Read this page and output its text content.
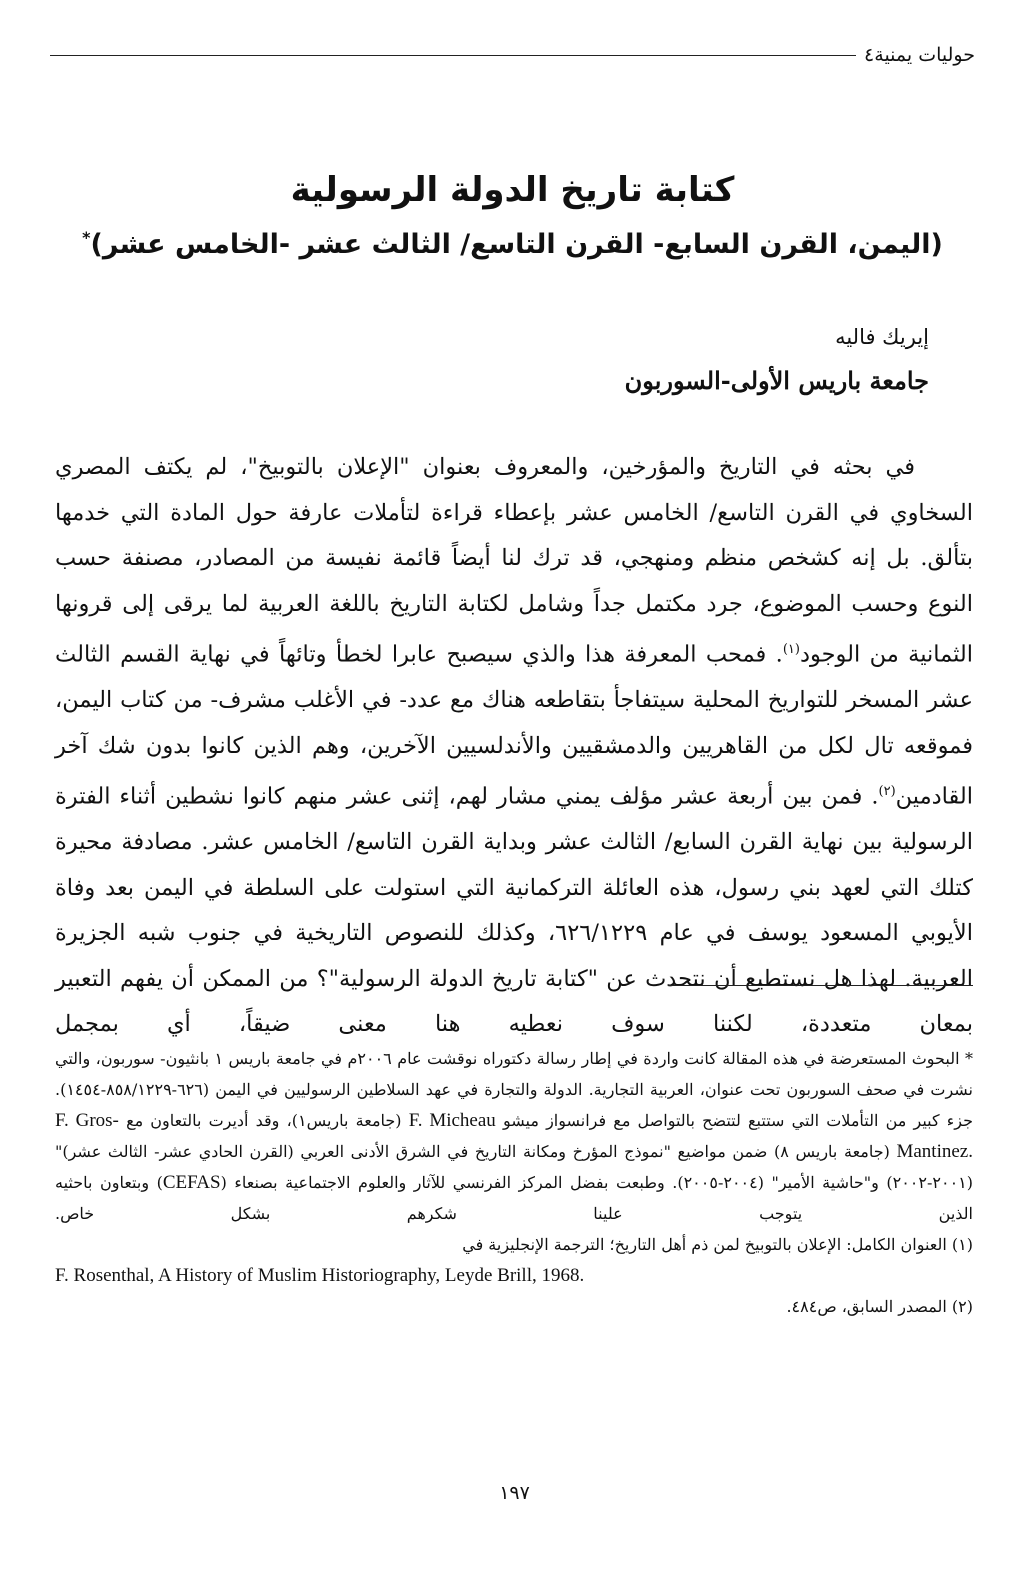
حوليات يمنية٤
كتابة تاريخ الدولة الرسولية
(اليمن، القرن السابع- القرن التاسع/ الثالث عشر -الخامس عشر)*
إيريك فاليه
جامعة باريس الأولى-السوربون

في بحثه في التاريخ والمؤرخين، والمعروف بعنوان "الإعلان بالتوبيخ"، لم يكتف المصري السخاوي في القرن التاسع/ الخامس عشر بإعطاء قراءة لتأملات عارفة حول المادة التي خدمها بتألق. بل إنه كشخص منظم ومنهجي، قد ترك لنا أيضاً قائمة نفيسة من المصادر، مصنفة حسب النوع وحسب الموضوع، جرد مكتمل جداً وشامل لكتابة التاريخ باللغة العربية لما يرقى إلى قرونها الثمانية من الوجود$^{(١)}$. فمحب المعرفة هذا والذي سيصبح عابرا لخطأ وتائهاً في نهاية القسم الثالث عشر المسخر للتواريخ المحلية سيتفاجأ بتقاطعه هناك مع عدد- في الأغلب مشرف- من كتاب اليمن، فموقعه تال لكل من القاهريين والدمشقيين والأندلسيين الآخرين، وهم الذين كانوا بدون شك آخر القادمين$^{(٢)}$. فمن بين أربعة عشر مؤلف يمني مشار لهم، إثنى عشر منهم كانوا نشطين أثناء الفترة الرسولية بين نهاية القرن السابع/ الثالث عشر وبداية القرن التاسع/ الخامس عشر. مصادفة محيرة كتلك التي لعهد بني رسول، هذه العائلة التركمانية التي استولت على السلطة في اليمن بعد وفاة الأيوبي المسعود يوسف في عام ٦٢٦/١٢٢٩، وكذلك للنصوص التاريخية في جنوب شبه الجزيرة العربية. لهذا هل نستطيع أن نتحدث عن "كتابة تاريخ الدولة الرسولية"؟ من الممكن أن يفهم التعبير بمعان متعددة، لكننا سوف نعطيه هنا معنى ضيقاً، أي بمجمل

* البحوث المستعرضة في هذه المقالة كانت واردة في إطار رسالة دكتوراه نوقشت عام ٢٠٠٦م في جامعة باريس ١ بانثيون- سوربون، والتي نشرت في صحف السوربون تحت عنوان، العربية التجارية. الدولة والتجارة في عهد السلاطين الرسوليين في اليمن (٦٢٦-٨٥٨/١٢٢٩-١٤٥٤). جزء كبير من التأملات التي ستتبع لتتضح بالتواصل مع فرانسواز ميشو F. Micheau (جامعة باريس١)، وقد أديرت بالتعاون مع F. Gros-Mantinez. (جامعة باريس ٨) ضمن مواضيع "نموذج المؤرخ ومكانة التاريخ في الشرق الأدنى العربي (القرن الحادي عشر- الثالث عشر)" (٢٠٠١-٢٠٠٢) و"حاشية الأمير" (٢٠٠٤-٢٠٠٥). وطبعت بفضل المركز الفرنسي للآثار والعلوم الاجتماعية بصنعاء (CEFAS) وبتعاون باحثيه الذين يتوجب علينا شكرهم بشكل خاص.

(١) العنوان الكامل: الإعلان بالتوبيخ لمن ذم أهل التاريخ؛ الترجمة الإنجليزية في

F. Rosenthal, A History of Muslim Historiography, Leyde Brill, 1968.

(٢) المصدر السابق، ص٤٨٤.

١٩٧
